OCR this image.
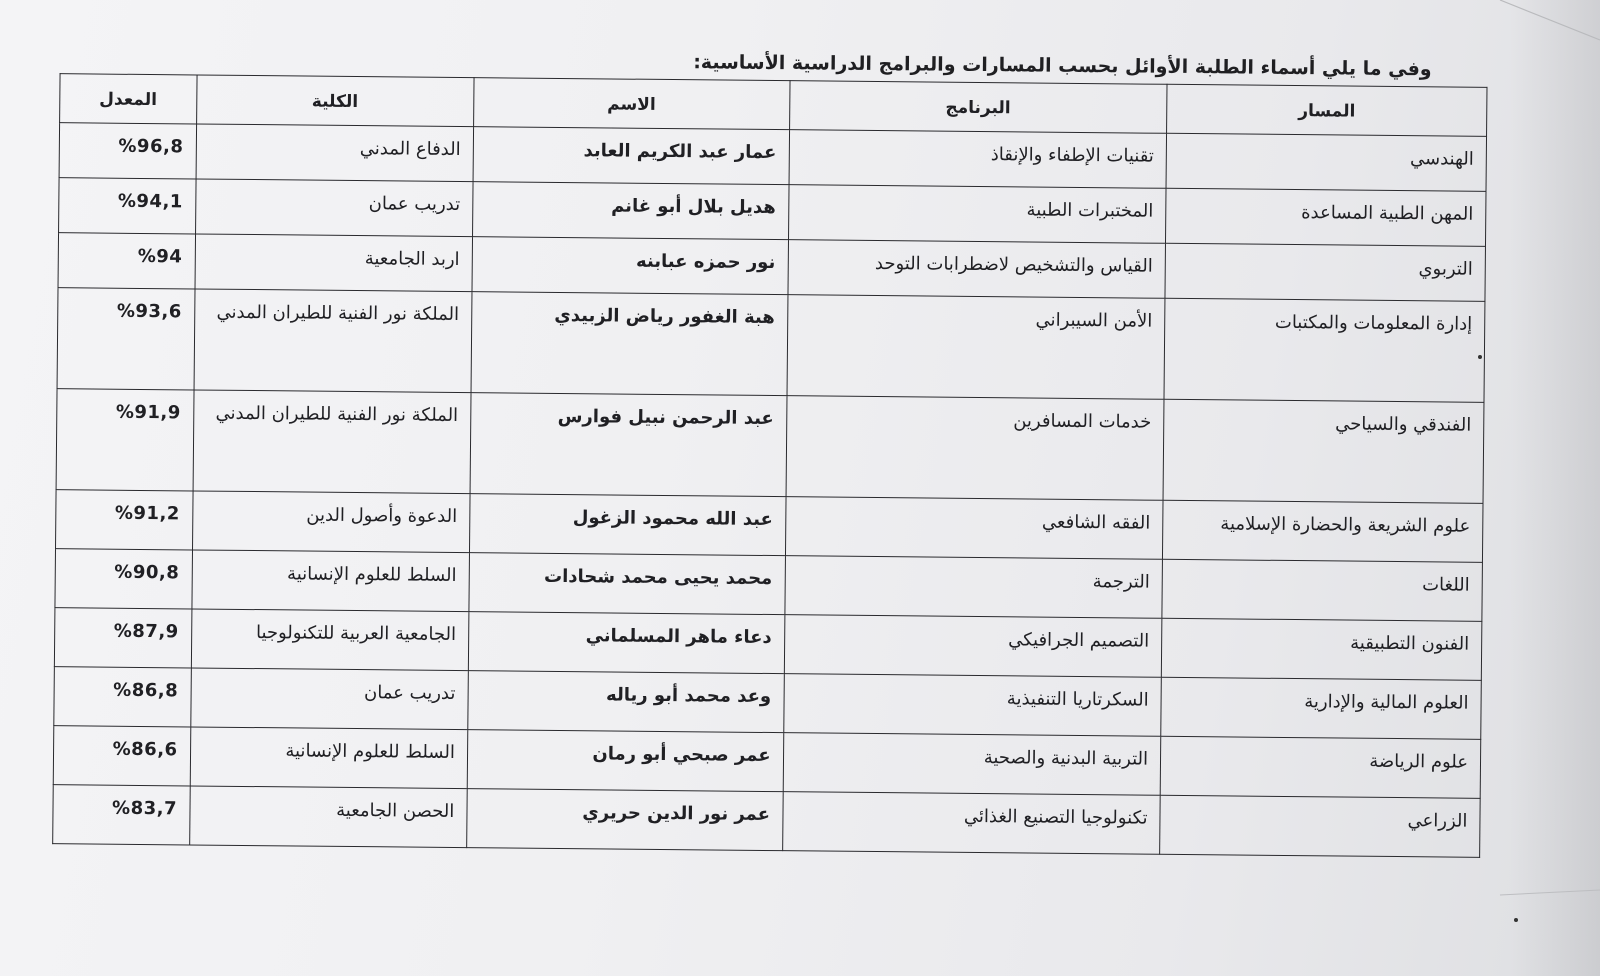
وفي ما يلي أسماء الطلبة الأوائل بحسب المسارات والبرامج الدراسية الأساسية:
المسار	البرنامج	الاسم	الكلية	المعدل
الهندسي	تقنيات الإطفاء والإنقاذ	عمار عبد الكريم العابد	الدفاع المدني	%96,8
المهن الطبية المساعدة	المختبرات الطبية	هديل بلال أبو غانم	تدريب عمان	%94,1
التربوي	القياس والتشخيص لاضطرابات التوحد	نور حمزه عبابنه	اربد الجامعية	%94
إدارة المعلومات والمكتبات	الأمن السيبراني	هبة الغفور رياض الزبيدي	الملكة نور الفنية للطيران المدني	%93,6
الفندقي والسياحي	خدمات المسافرين	عبد الرحمن نبيل فوارس	الملكة نور الفنية للطيران المدني	%91,9
علوم الشريعة والحضارة الإسلامية	الفقه الشافعي	عبد الله محمود الزغول	الدعوة وأصول الدين	%91,2
اللغات	الترجمة	محمد يحيى محمد شحادات	السلط للعلوم الإنسانية	%90,8
الفنون التطبيقية	التصميم الجرافيكي	دعاء ماهر المسلماني	الجامعية العربية للتكنولوجيا	%87,9
العلوم المالية والإدارية	السكرتاريا التنفيذية	وعد محمد أبو رياله	تدريب عمان	%86,8
علوم الرياضة	التربية البدنية والصحية	عمر صبحي أبو رمان	السلط للعلوم الإنسانية	%86,6
الزراعي	تكنولوجيا التصنيع الغذائي	عمر نور الدين حريري	الحصن الجامعية	%83,7
